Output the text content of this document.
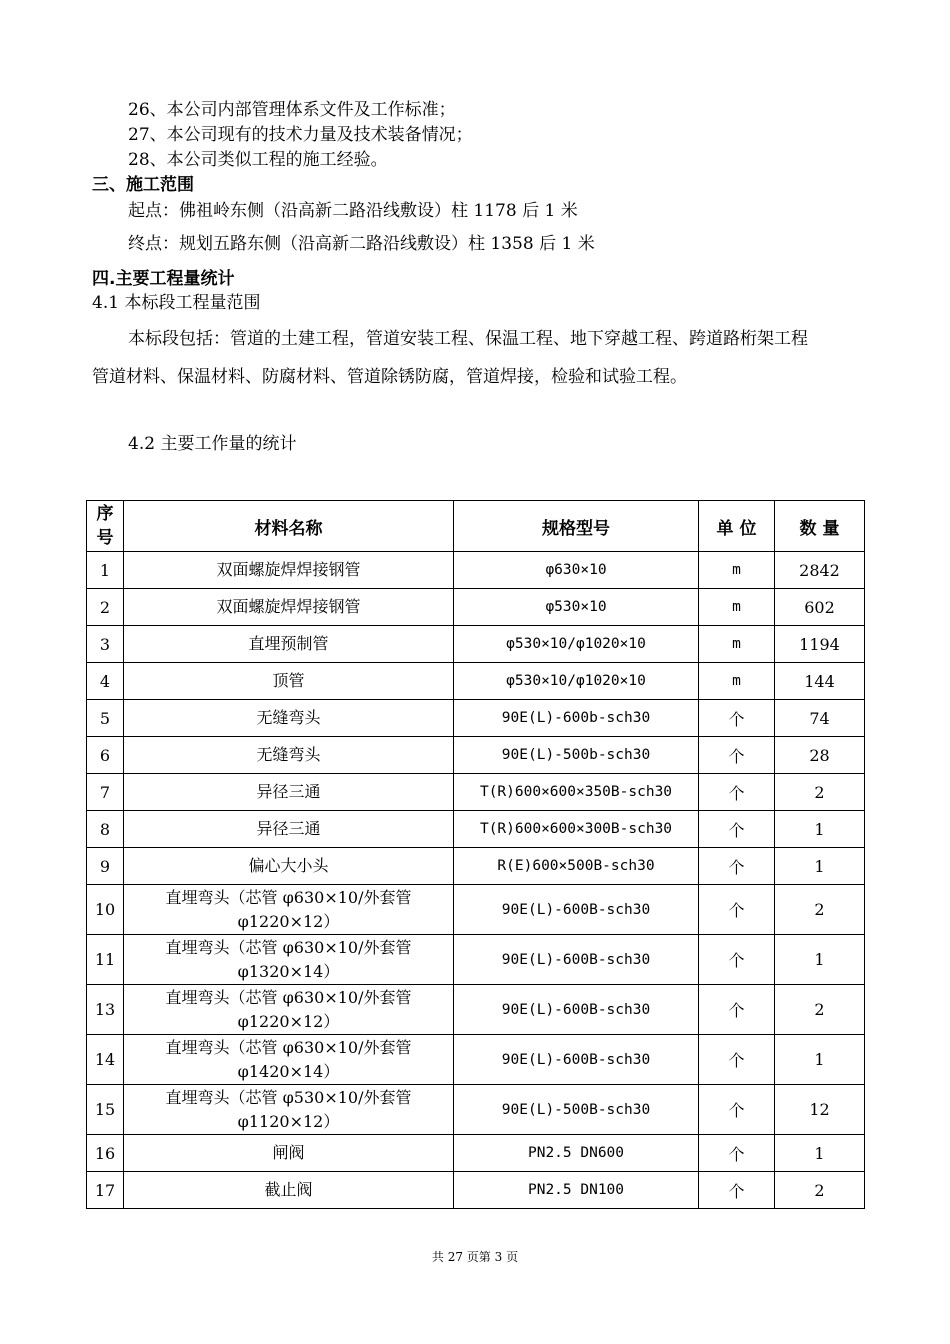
26、本公司内部管理体系文件及工作标准；
27、本公司现有的技术力量及技术装备情况；
28、本公司类似工程的施工经验。
三、施工范围
起点：佛祖岭东侧（沿高新二路沿线敷设）柱 1178 后 1 米
终点：规划五路东侧（沿高新二路沿线敷设）柱 1358 后 1 米
四.主要工程量统计
4.1 本标段工程量范围
本标段包括：管道的土建工程，管道安装工程、保温工程、地下穿越工程、跨道路桁架工程
管道材料、保温材料、防腐材料、管道除锈防腐，管道焊接，检验和试验工程。
4.2 主要工作量的统计
序号	材料名称	规格型号	单 位	数 量
1	双面螺旋焊焊接钢管	φ630×10	m	2842
2	双面螺旋焊焊接钢管	φ530×10	m	602
3	直埋预制管	φ530×10/φ1020×10	m	1194
4	顶管	φ530×10/φ1020×10	m	144
5	无缝弯头	90E(L)-600b-sch30	个	74
6	无缝弯头	90E(L)-500b-sch30	个	28
7	异径三通	T(R)600×600×350B-sch30	个	2
8	异径三通	T(R)600×600×300B-sch30	个	1
9	偏心大小头	R(E)600×500B-sch30	个	1
10	直埋弯头（芯管 φ630×10/外套管 φ1220×12）	90E(L)-600B-sch30	个	2
11	直埋弯头（芯管 φ630×10/外套管 φ1320×14）	90E(L)-600B-sch30	个	1
13	直埋弯头（芯管 φ630×10/外套管 φ1220×12）	90E(L)-600B-sch30	个	2
14	直埋弯头（芯管 φ630×10/外套管 φ1420×14）	90E(L)-600B-sch30	个	1
15	直埋弯头（芯管 φ530×10/外套管 φ1120×12）	90E(L)-500B-sch30	个	12
16	闸阀	PN2.5 DN600	个	1
17	截止阀	PN2.5 DN100	个	2
共 27 页第 3 页
